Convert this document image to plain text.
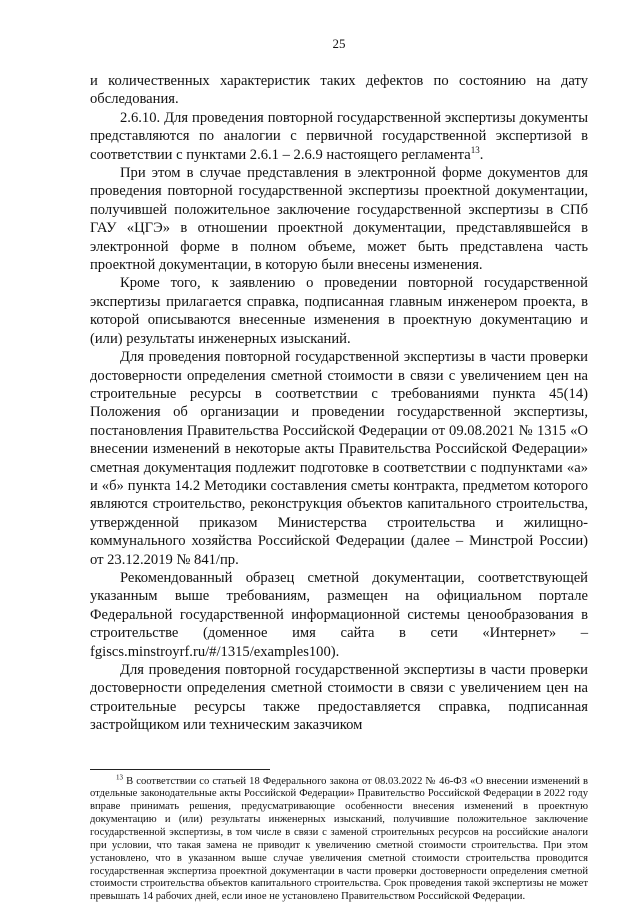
25

и количественных характеристик таких дефектов по состоянию на дату обследования.

2.6.10. Для проведения повторной государственной экспертизы документы представляются по аналогии с первичной государственной экспертизой в соответствии с пунктами 2.6.1 – 2.6.9 настоящего регламента$^{13}$.

При этом в случае представления в электронной форме документов для проведения повторной государственной экспертизы проектной документации, получившей положительное заключение государственной экспертизы в СПб ГАУ «ЦГЭ» в отношении проектной документации, представлявшейся в электронной форме в полном объеме, может быть представлена часть проектной документации, в которую были внесены изменения.

Кроме того, к заявлению о проведении повторной государственной экспертизы прилагается справка, подписанная главным инженером проекта, в которой описываются внесенные изменения в проектную документацию и (или) результаты инженерных изысканий.

Для проведения повторной государственной экспертизы в части проверки достоверности определения сметной стоимости в связи с увеличением цен на строительные ресурсы в соответствии с требованиями пункта 45(14) Положения об организации и проведении государственной экспертизы, постановления Правительства Российской Федерации от 09.08.2021 № 1315 «О внесении изменений в некоторые акты Правительства Российской Федерации» сметная документация подлежит подготовке в соответствии с подпунктами «а» и «б» пункта 14.2 Методики составления сметы контракта, предметом которого являются строительство, реконструкция объектов капитального строительства, утвержденной приказом Министерства строительства и жилищно-коммунального хозяйства Российской Федерации (далее – Минстрой России) от 23.12.2019 № 841/пр.

Рекомендованный образец сметной документации, соответствующей указанным выше требованиям, размещен на официальном портале Федеральной государственной информационной системы ценообразования в строительстве (доменное имя сайта в сети «Интернет» – fgiscs.minstroyrf.ru/#/1315/examples100).

Для проведения повторной государственной экспертизы в части проверки достоверности определения сметной стоимости в связи с увеличением цен на строительные ресурсы также предоставляется справка, подписанная застройщиком или техническим заказчиком

$^{13}$ В соответствии со статьей 18 Федерального закона от 08.03.2022 № 46-ФЗ «О внесении изменений в отдельные законодательные акты Российской Федерации» Правительство Российской Федерации в 2022 году вправе принимать решения, предусматривающие особенности внесения изменений в проектную документацию и (или) результаты инженерных изысканий, получившие положительное заключение государственной экспертизы, в том числе в связи с заменой строительных ресурсов на российские аналоги при условии, что такая замена не приводит к увеличению сметной стоимости строительства. При этом установлено, что в указанном выше случае увеличения сметной стоимости строительства проводится государственная экспертиза проектной документации в части проверки достоверности определения сметной стоимости строительства объектов капитального строительства. Срок проведения такой экспертизы не может превышать 14 рабочих дней, если иное не установлено Правительством Российской Федерации.
